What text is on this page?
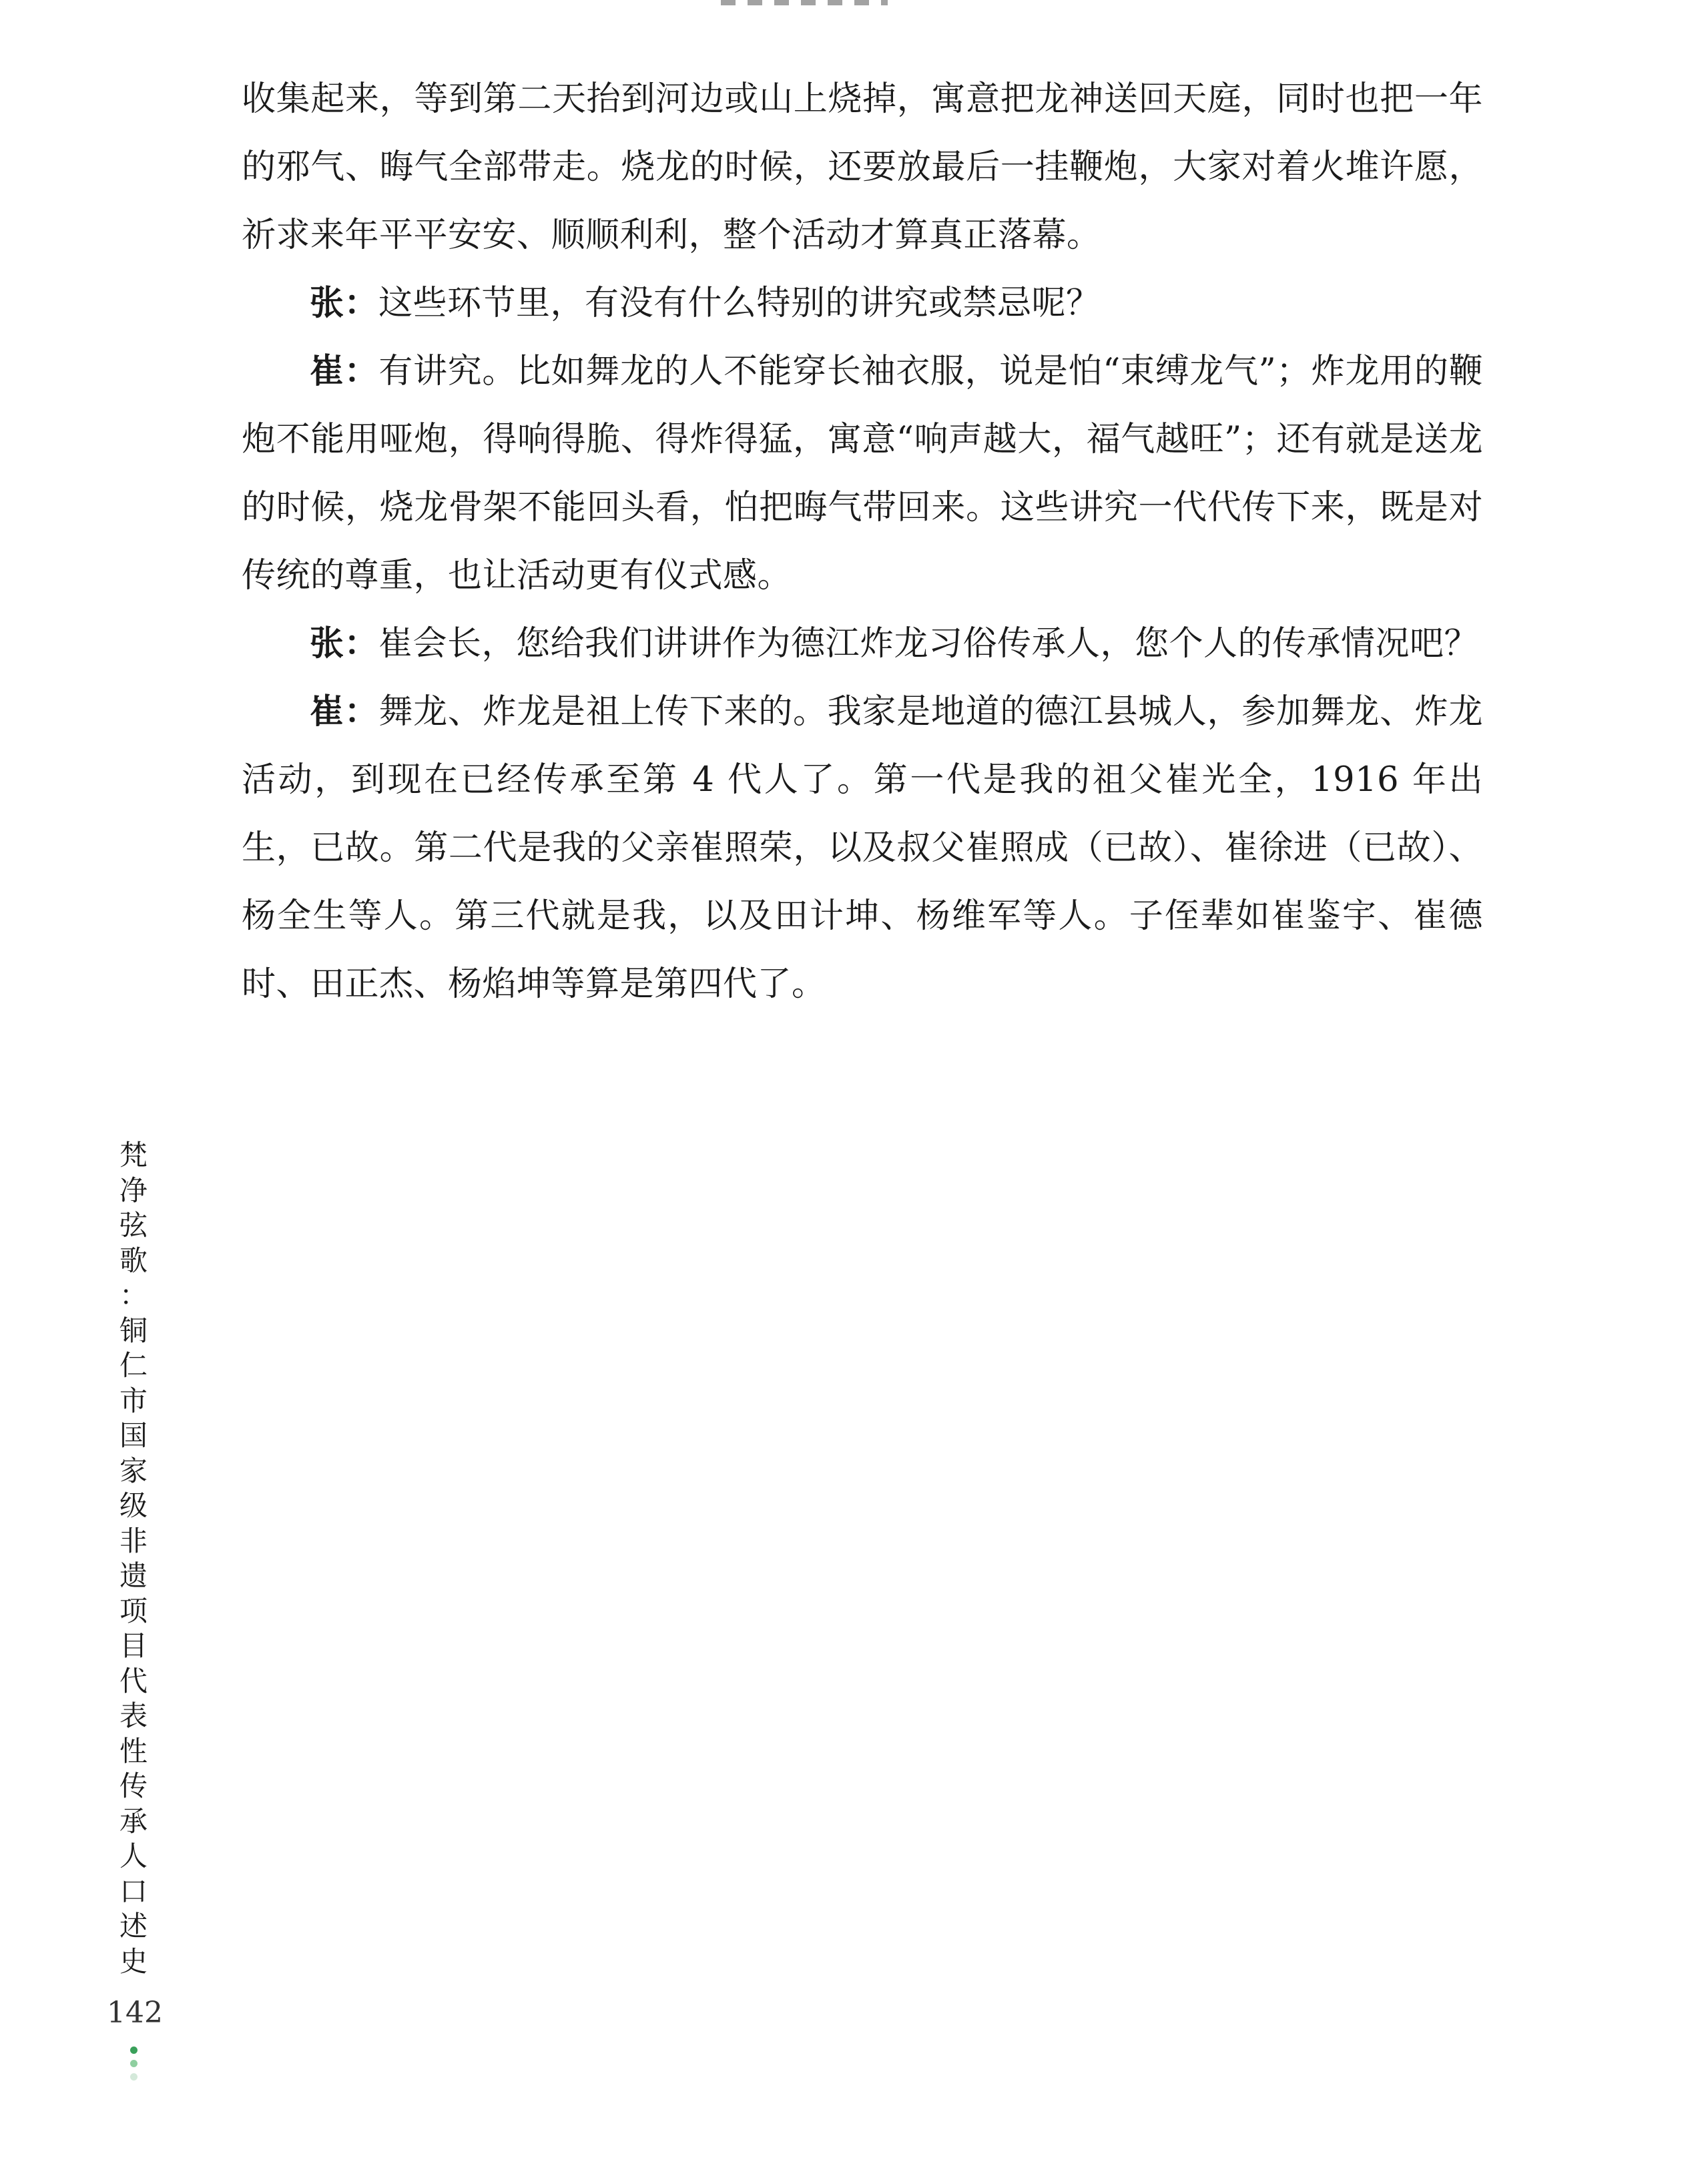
收集起来，等到第二天抬到河边或山上烧掉，寓意把龙神送回天庭，同时也把一年的邪气、晦气全部带走。烧龙的时候，还要放最后一挂鞭炮，大家对着火堆许愿，祈求来年平平安安、顺顺利利，整个活动才算真正落幕。

张：这些环节里，有没有什么特别的讲究或禁忌呢？

崔：有讲究。比如舞龙的人不能穿长袖衣服，说是怕“束缚龙气”；炸龙用的鞭炮不能用哑炮，得响得脆、得炸得猛，寓意“响声越大，福气越旺”；还有就是送龙的时候，烧龙骨架不能回头看，怕把晦气带回来。这些讲究一代代传下来，既是对传统的尊重，也让活动更有仪式感。

张：崔会长，您给我们讲讲作为德江炸龙习俗传承人，您个人的传承情况吧？

崔：舞龙、炸龙是祖上传下来的。我家是地道的德江县城人，参加舞龙、炸龙活动，到现在已经传承至第 4 代人了。第一代是我的祖父崔光全，1916 年出生，已故。第二代是我的父亲崔照荣，以及叔父崔照成（已故）、崔徐进（已故）、杨全生等人。第三代就是我，以及田计坤、杨维军等人。子侄辈如崔鉴宇、崔德时、田正杰、杨焰坤等算是第四代了。

梵
净
弦
歌
：
铜
仁
市
国
家
级
非
遗
项
目
代
表
性
传
承
人
口
述
史
142
